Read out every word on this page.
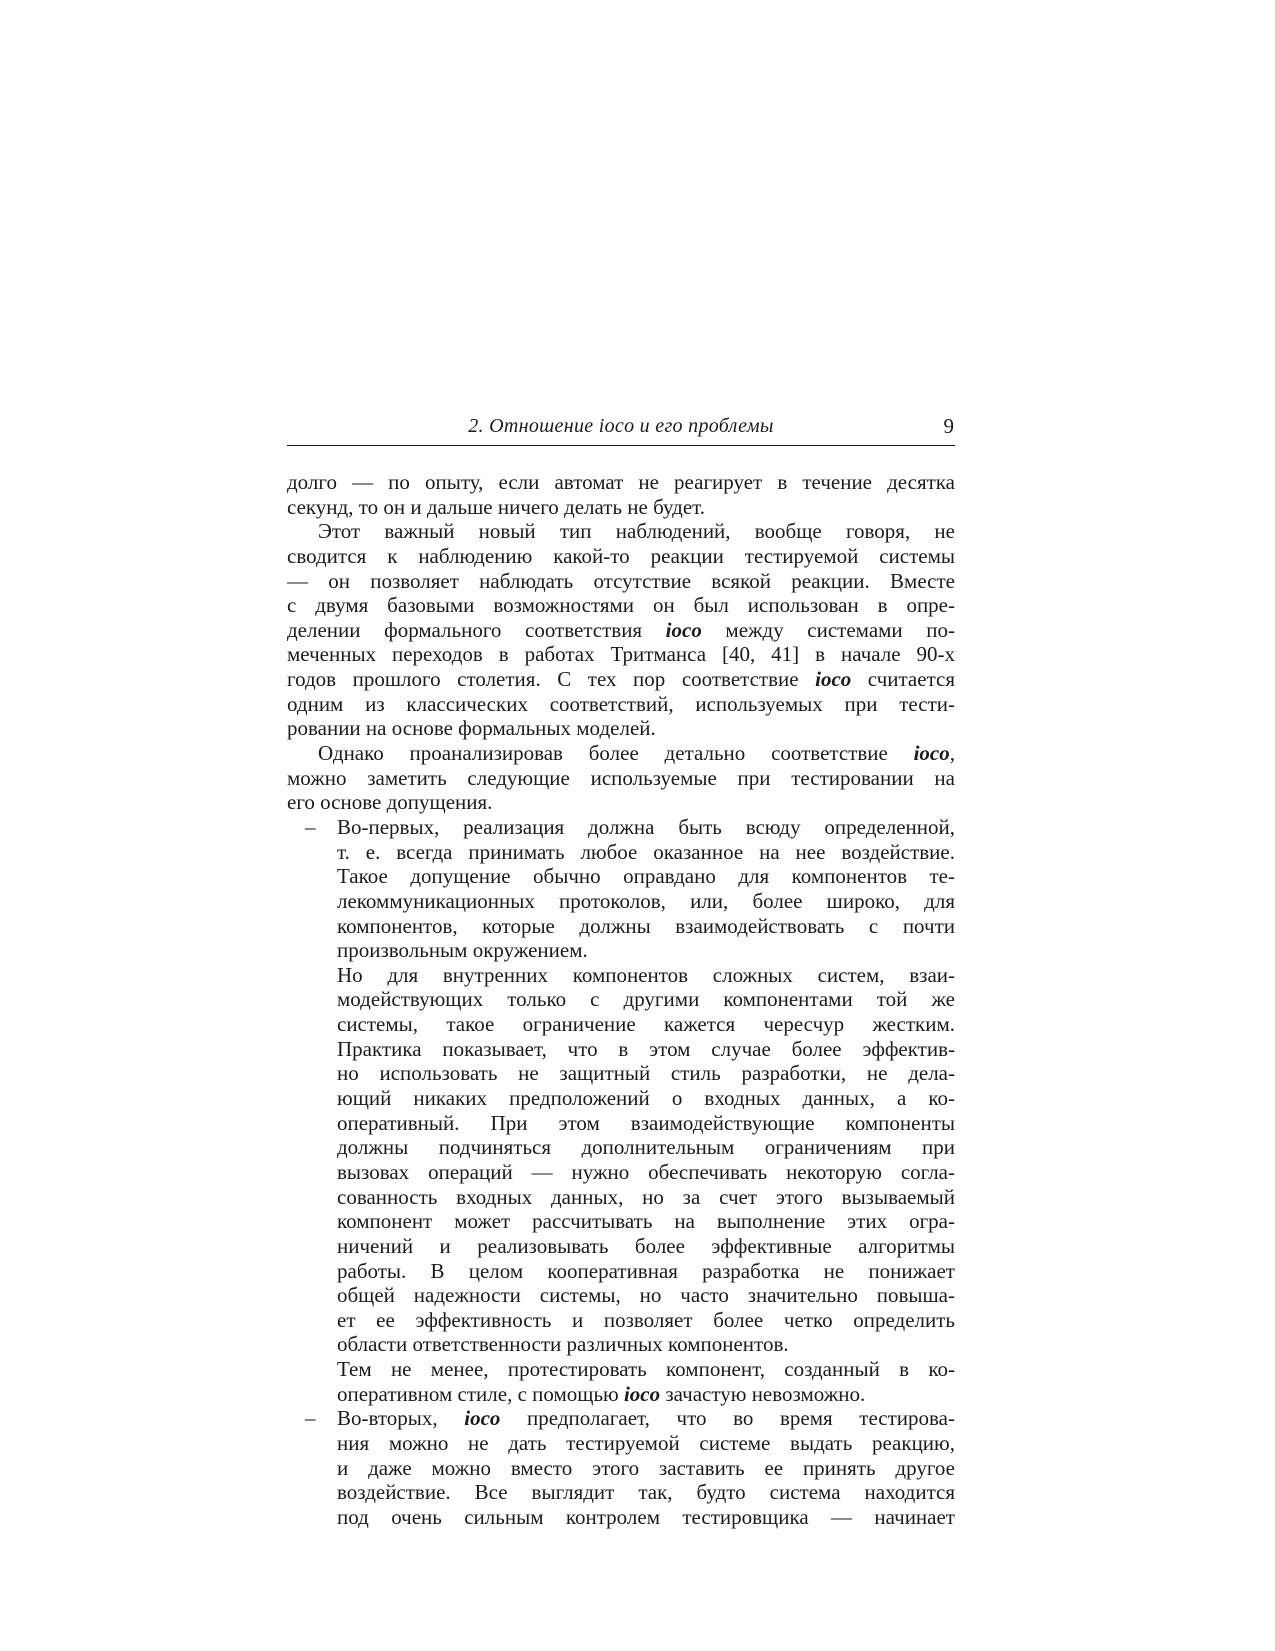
2. Отношение ioco и его проблемы	9
долго — по опыту, если автомат не реагирует в течение десятка
секунд, то он и дальше ничего делать не будет.
Этот важный новый тип наблюдений, вообще говоря, не
сводится к наблюдению какой-то реакции тестируемой системы
— он позволяет наблюдать отсутствие всякой реакции. Вместе
с двумя базовыми возможностями он был использован в опре-
делении формального соответствия ioco между системами по-
меченных переходов в работах Тритманса [40, 41] в начале 90-х
годов прошлого столетия. С тех пор соответствие ioco считается
одним из классических соответствий, используемых при тести-
ровании на основе формальных моделей.
Однако проанализировав более детально соответствие ioco,
можно заметить следующие используемые при тестировании на
его основе допущения.
– Во-первых, реализация должна быть всюду определенной,
т. е. всегда принимать любое оказанное на нее воздействие.
Такое допущение обычно оправдано для компонентов те-
лекоммуникационных протоколов, или, более широко, для
компонентов, которые должны взаимодействовать с почти
произвольным окружением.
Но для внутренних компонентов сложных систем, взаи-
модействующих только с другими компонентами той же
системы, такое ограничение кажется чересчур жестким.
Практика показывает, что в этом случае более эффектив-
но использовать не защитный стиль разработки, не дела-
ющий никаких предположений о входных данных, а ко-
оперативный. При этом взаимодействующие компоненты
должны подчиняться дополнительным ограничениям при
вызовах операций — нужно обеспечивать некоторую согла-
сованность входных данных, но за счет этого вызываемый
компонент может рассчитывать на выполнение этих огра-
ничений и реализовывать более эффективные алгоритмы
работы. В целом кооперативная разработка не понижает
общей надежности системы, но часто значительно повыша-
ет ее эффективность и позволяет более четко определить
области ответственности различных компонентов.
Тем не менее, протестировать компонент, созданный в ко-
оперативном стиле, с помощью ioco зачастую невозможно.
– Во-вторых, ioco предполагает, что во время тестирова-
ния можно не дать тестируемой системе выдать реакцию,
и даже можно вместо этого заставить ее принять другое
воздействие. Все выглядит так, будто система находится
под очень сильным контролем тестировщика — начинает
